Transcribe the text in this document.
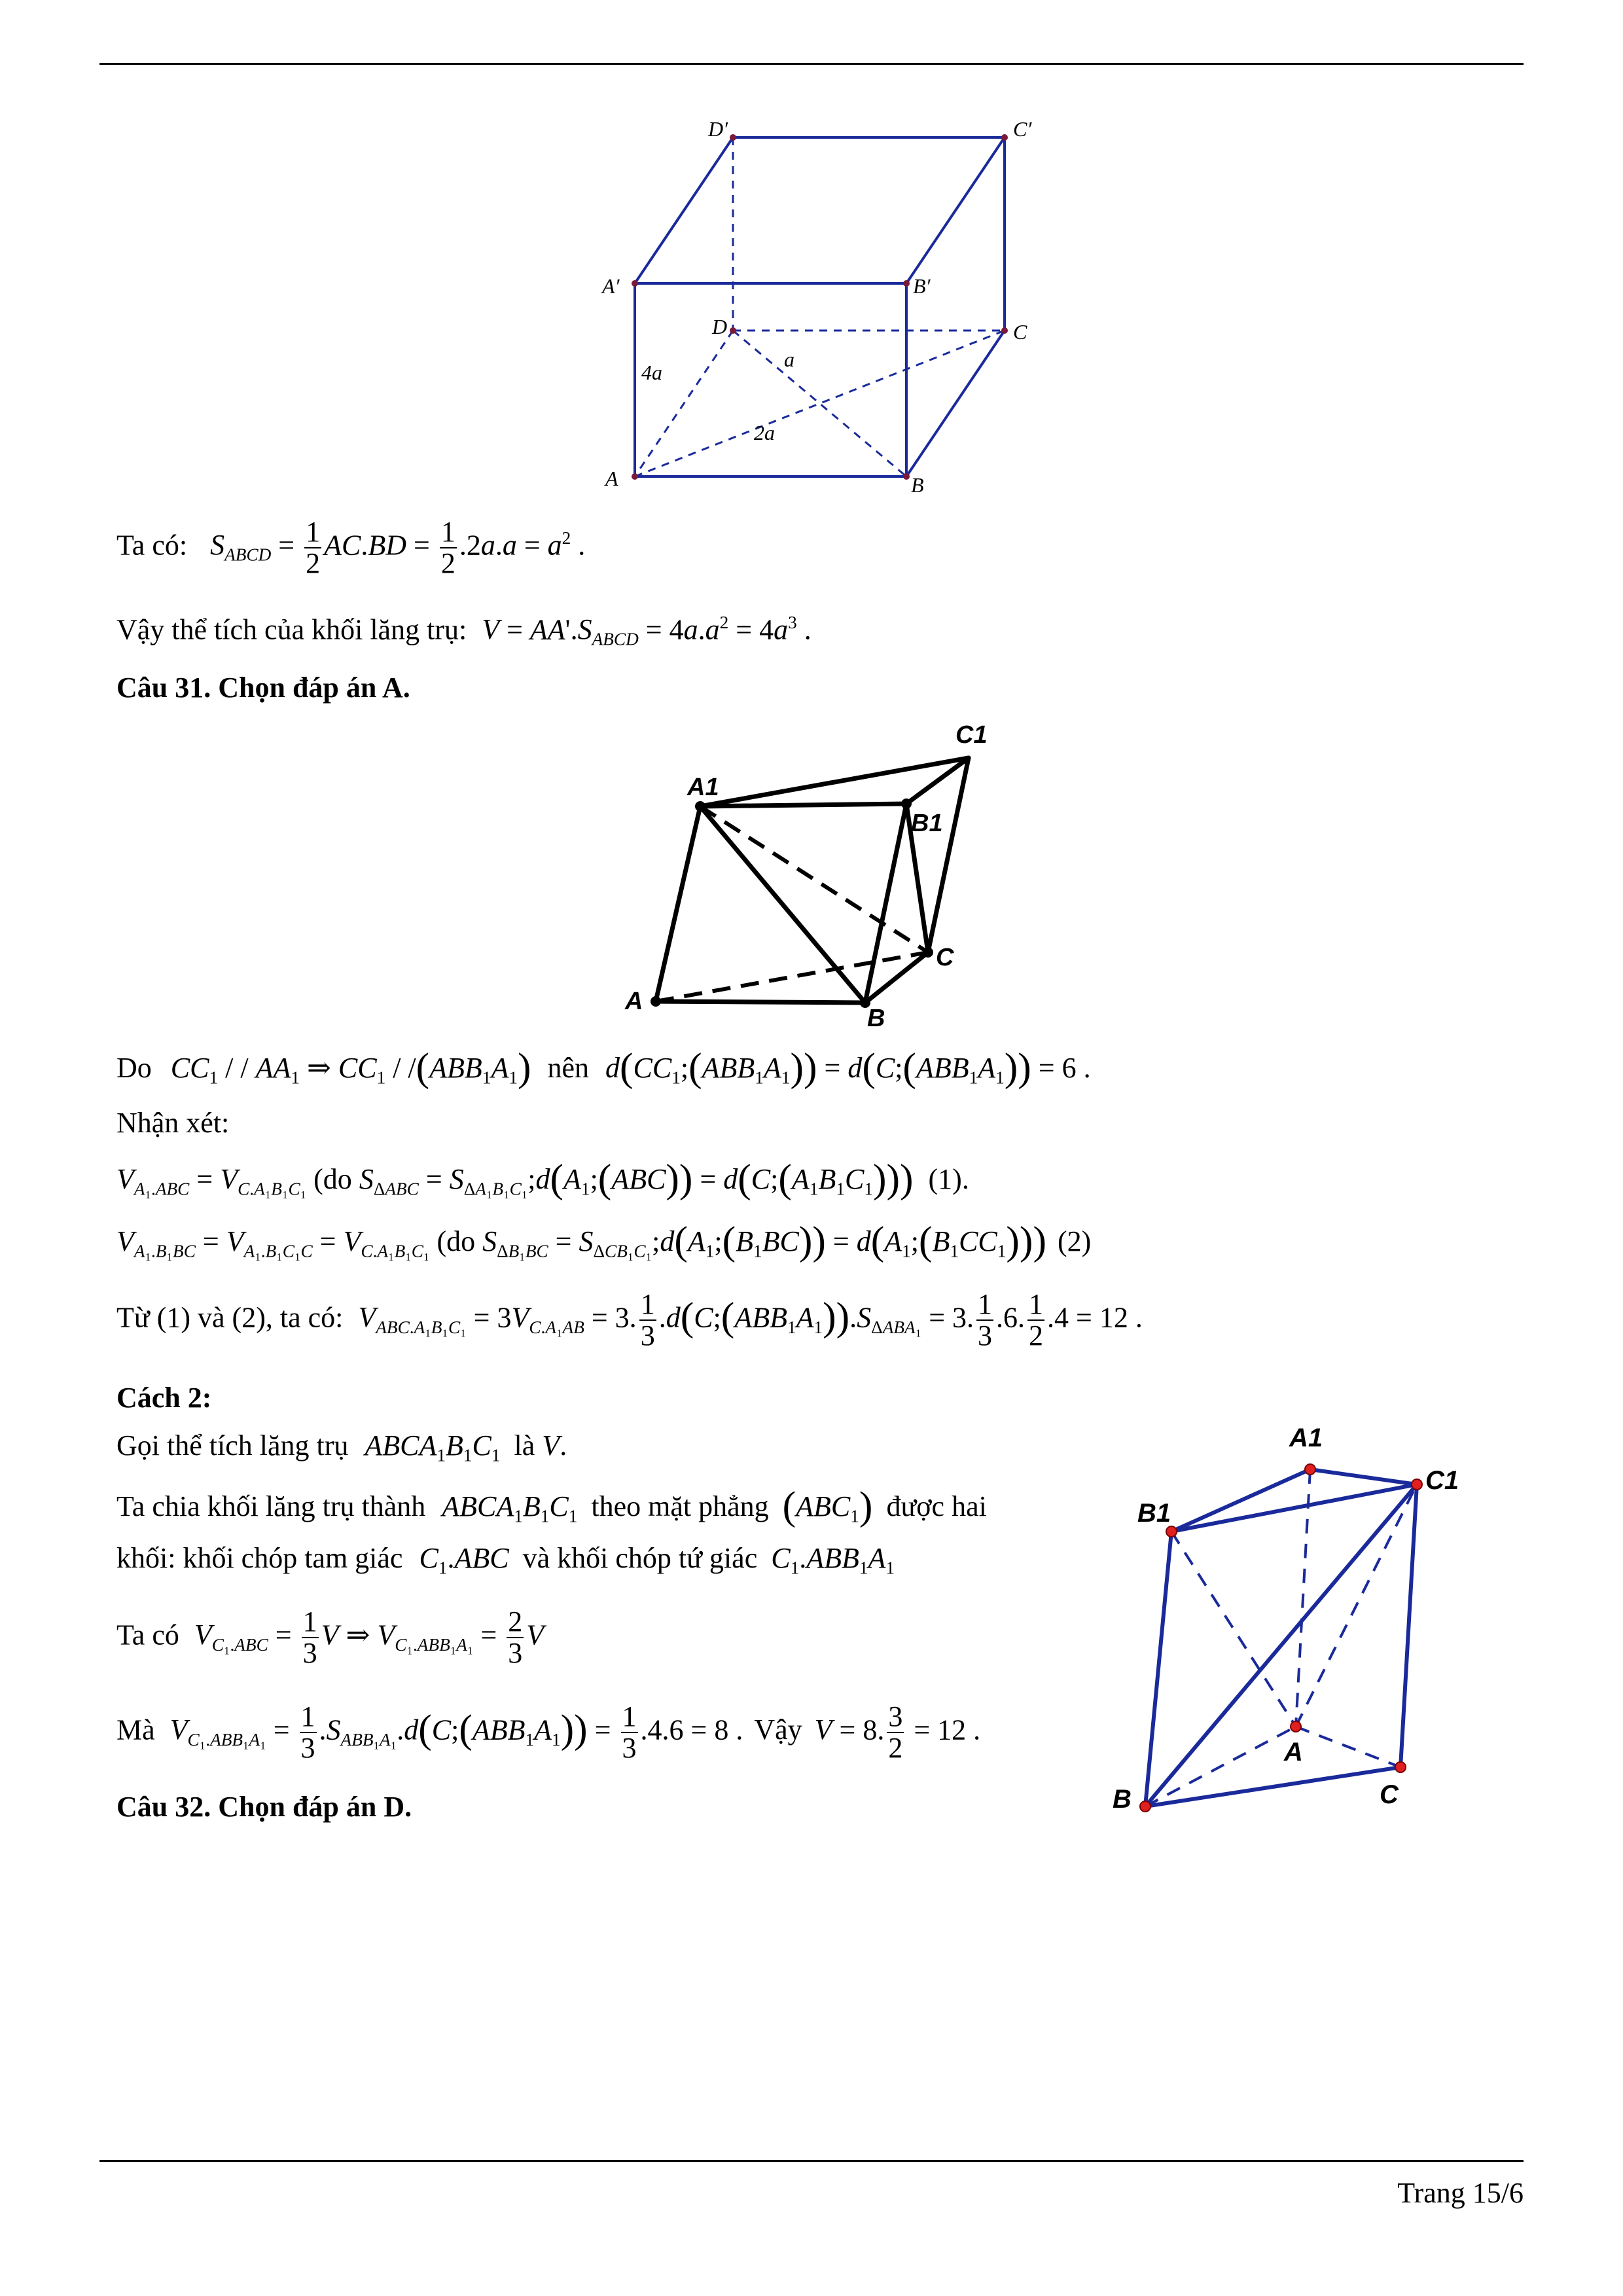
D′	C′
A′	B′
D	C
a
4a
2a
A	B
Ta có: $S_{ABCD} = \frac{1}{2} AC.BD = \frac{1}{2} .2a.a = a^2$ .
Vậy thể tích của khối lăng trụ: $V = AA'.S_{ABCD} = 4a.a^2 = 4a^3$ .
Câu 31. Chọn đáp án A.
C1
A1
B1
C
A
B
Do $CC_1$ / / $AA_1$ ⇒ $CC_1 / /(ABB_1A_1)$ nên $d(CC_1;(ABB_1A_1))$ = $d(C;(ABB_1A_1)) = 6$ .
Nhận xét:
$V_{A_1.ABC} = V_{C.A_1B_1C_1}$ (do $S_{\Delta ABC}$ = $S_{\Delta A_1B_1C_1};d(A_1;(ABC))$ = $d(C;(A_1B_1C_1))$) (1).
$V_{A_1.B_1BC} = V_{A_1.B_1C_1C} = V_{C.A_1B_1C_1}$ (do $S_{\Delta B_1BC}$ = $S_{\Delta CB_1C_1};d(A_1;(B_1BC))$ = $d(A_1;(B_1CC_1))$) (2)
Từ (1) và (2), ta có: $V_{ABC.A_1B_1C_1} = 3V_{C.A_1AB} = 3$. $\frac{1}{3}$ $.d(C;(ABB_1A_1)).S_{\Delta ABA_1} = 3$. $\frac{1}{3} .6$. $\frac{1}{2} .4 = 12$ .
Cách 2:
Gọi thể tích lăng trụ $ABCA_1B_1C_1$ là V.
Ta chia khối lăng trụ thành $ABCA_1B_1C_1$ theo mặt phẳng $(ABC_1)$ được hai
khối: khối chóp tam giác $C_1.ABC$ và khối chóp tứ giác $C_1.ABB_1A_1$
Ta có $V_{C_1.ABC} = \frac{1}{3}$ V ⇒ $V_{C_1.ABB_1A_1} = \frac{2}{3}$ V
Mà $V_{C_1.ABB_1A_1} = \frac{1}{3}$ $.S_{ABB_1A_1}.d(C;(ABB_1A_1)) = \frac{1}{3} .4.6 = 8$ . Vậy V = 8. $\frac{3}{2} = 12$ .
Câu 32. Chọn đáp án D.
A1
C1
B1
A
B	C
Trang 15/6
